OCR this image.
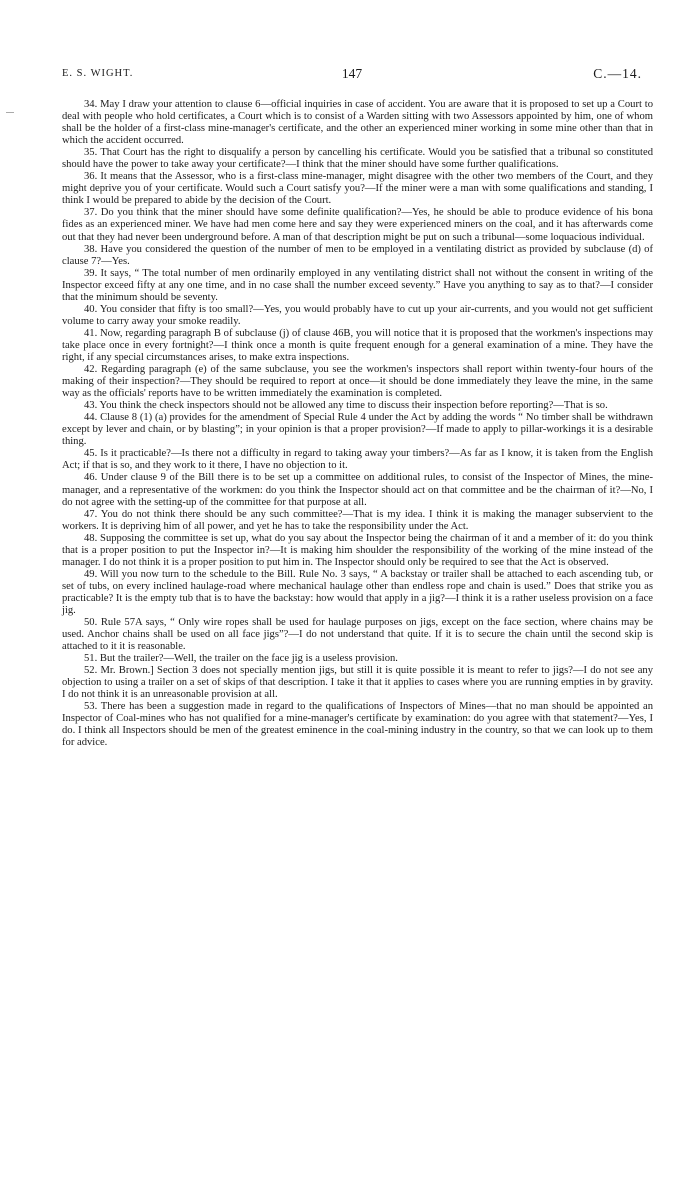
E. S. WIGHT.	147	C.—14.

34. May I draw your attention to clause 6—official inquiries in case of accident. You are aware that it is proposed to set up a Court to deal with people who hold certificates, a Court which is to consist of a Warden sitting with two Assessors appointed by him, one of whom shall be the holder of a first-class mine-manager's certificate, and the other an experienced miner working in some mine other than that in which the accident occurred.

35. That Court has the right to disqualify a person by cancelling his certificate. Would you be satisfied that a tribunal so constituted should have the power to take away your certificate?—I think that the miner should have some further qualifications.

36. It means that the Assessor, who is a first-class mine-manager, might disagree with the other two members of the Court, and they might deprive you of your certificate. Would such a Court satisfy you?—If the miner were a man with some qualifications and standing, I think I would be prepared to abide by the decision of the Court.

37. Do you think that the miner should have some definite qualification?—Yes, he should be able to produce evidence of his bona fides as an experienced miner. We have had men come here and say they were experienced miners on the coal, and it has afterwards come out that they had never been underground before. A man of that description might be put on such a tribunal—some loquacious individual.

38. Have you considered the question of the number of men to be employed in a ventilating district as provided by subclause (d) of clause 7?—Yes.

39. It says, “ The total number of men ordinarily employed in any ventilating district shall not without the consent in writing of the Inspector exceed fifty at any one time, and in no case shall the number exceed seventy.” Have you anything to say as to that?—I consider that the minimum should be seventy.

40. You consider that fifty is too small?—Yes, you would probably have to cut up your air-currents, and you would not get sufficient volume to carry away your smoke readily.

41. Now, regarding paragraph B of subclause (j) of clause 46B, you will notice that it is proposed that the workmen's inspections may take place once in every fortnight?—I think once a month is quite frequent enough for a general examination of a mine. They have the right, if any special circumstances arises, to make extra inspections.

42. Regarding paragraph (e) of the same subclause, you see the workmen's inspectors shall report within twenty-four hours of the making of their inspection?—They should be required to report at once—it should be done immediately they leave the mine, in the same way as the officials' reports have to be written immediately the examination is completed.

43. You think the check inspectors should not be allowed any time to discuss their inspection before reporting?—That is so.

44. Clause 8 (1) (a) provides for the amendment of Special Rule 4 under the Act by adding the words “ No timber shall be withdrawn except by lever and chain, or by blasting”; in your opinion is that a proper provision?—If made to apply to pillar-workings it is a desirable thing.

45. Is it practicable?—Is there not a difficulty in regard to taking away your timbers?—As far as I know, it is taken from the English Act; if that is so, and they work to it there, I have no objection to it.

46. Under clause 9 of the Bill there is to be set up a committee on additional rules, to consist of the Inspector of Mines, the mine-manager, and a representative of the workmen: do you think the Inspector should act on that committee and be the chairman of it?—No, I do not agree with the setting-up of the committee for that purpose at all.

47. You do not think there should be any such committee?—That is my idea. I think it is making the manager subservient to the workers. It is depriving him of all power, and yet he has to take the responsibility under the Act.

48. Supposing the committee is set up, what do you say about the Inspector being the chairman of it and a member of it: do you think that is a proper position to put the Inspector in?—It is making him shoulder the responsibility of the working of the mine instead of the manager. I do not think it is a proper position to put him in. The Inspector should only be required to see that the Act is observed.

49. Will you now turn to the schedule to the Bill. Rule No. 3 says, “ A backstay or trailer shall be attached to each ascending tub, or set of tubs, on every inclined haulage-road where mechanical haulage other than endless rope and chain is used.” Does that strike you as practicable? It is the empty tub that is to have the backstay: how would that apply in a jig?—I think it is a rather useless provision on a face jig.

50. Rule 57A says, “ Only wire ropes shall be used for haulage purposes on jigs, except on the face section, where chains may be used. Anchor chains shall be used on all face jigs”?—I do not understand that quite. If it is to secure the chain until the second skip is attached to it it is reasonable.

51. But the trailer?—Well, the trailer on the face jig is a useless provision.

52. Mr. Brown.] Section 3 does not specially mention jigs, but still it is quite possible it is meant to refer to jigs?—I do not see any objection to using a trailer on a set of skips of that description. I take it that it applies to cases where you are running empties in by gravity. I do not think it is an unreasonable provision at all.

53. There has been a suggestion made in regard to the qualifications of Inspectors of Mines—that no man should be appointed an Inspector of Coal-mines who has not qualified for a mine-manager's certificate by examination: do you agree with that statement?—Yes, I do. I think all Inspectors should be men of the greatest eminence in the coal-mining industry in the country, so that we can look up to them for advice.
